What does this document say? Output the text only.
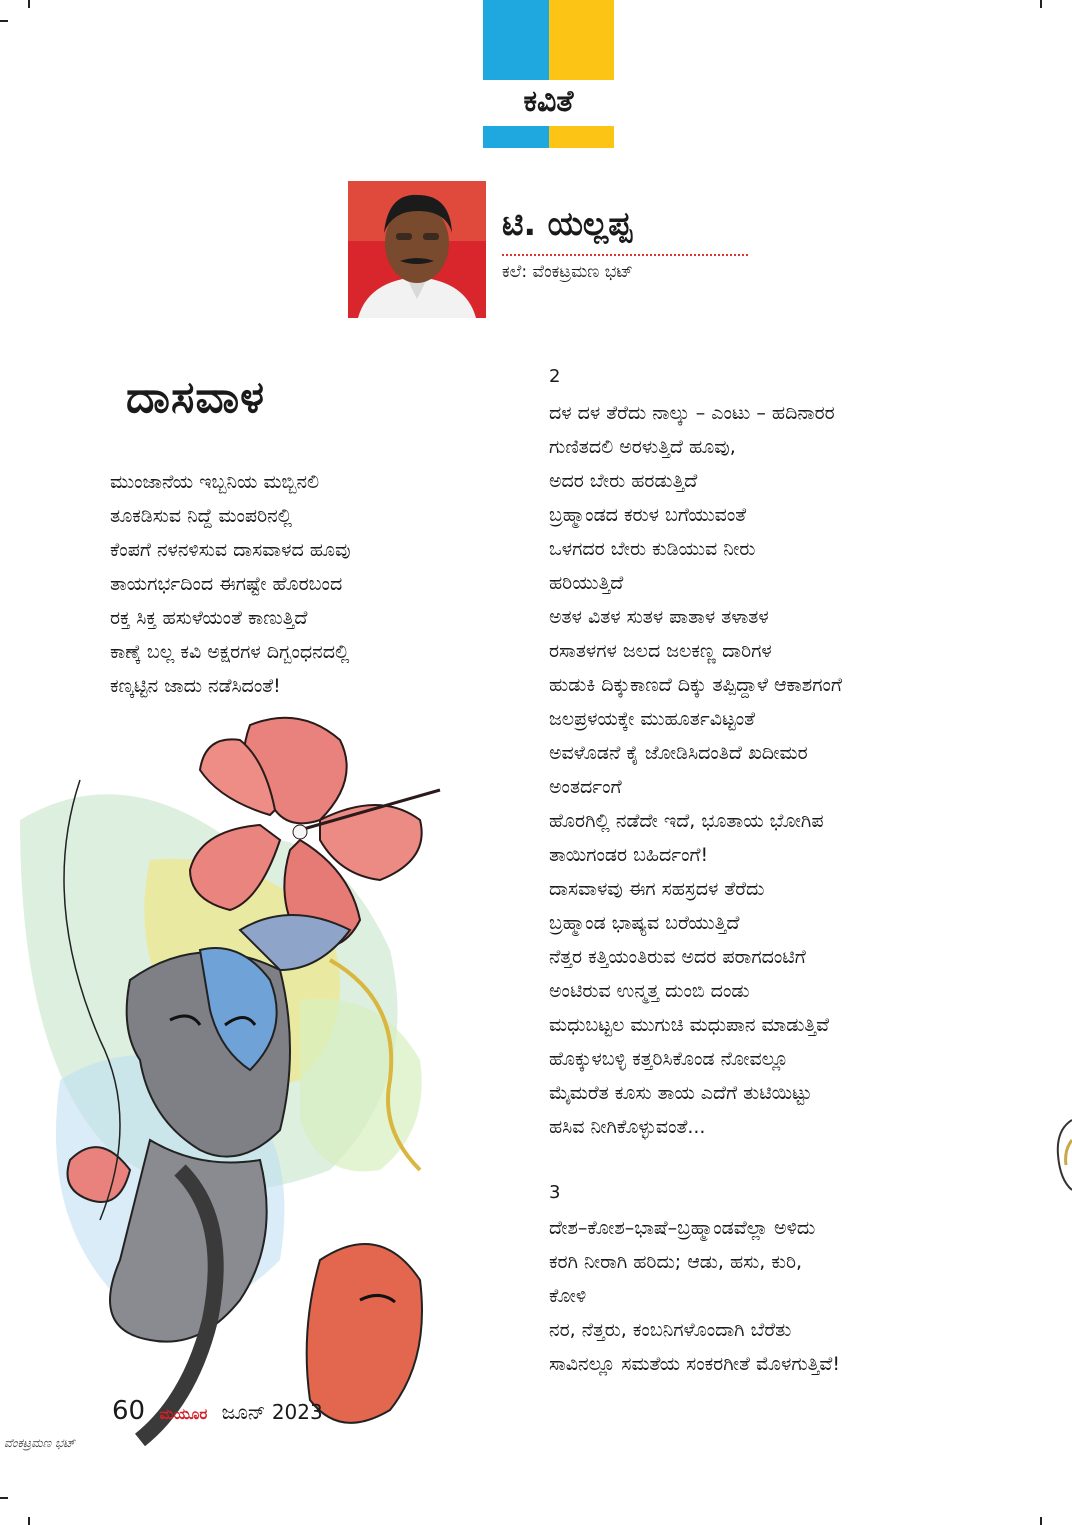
ಕವಿತೆ
ಟಿ. ಯಲ್ಲಪ್ಪ
ಕಲೆ: ವೆಂಕಟ್ರಮಣ ಭಟ್
ದಾಸವಾಳ
ಮುಂಜಾನೆಯ ಇಬ್ಬನಿಯ ಮಬ್ಬಿನಲಿ
ತೂಕಡಿಸುವ ನಿದ್ದೆ ಮಂಪರಿನಲ್ಲಿ
ಕೆಂಪಗೆ ನಳನಳಿಸುವ ದಾಸವಾಳದ ಹೂವು
ತಾಯಗರ್ಭದಿಂದ ಈಗಷ್ಟೇ ಹೊರಬಂದ
ರಕ್ತ ಸಿಕ್ತ ಹಸುಳೆಯಂತೆ ಕಾಣುತ್ತಿದೆ
ಕಾಣ್ಕೆ ಬಲ್ಲ ಕವಿ ಅಕ್ಷರಗಳ ದಿಗ್ಬಂಧನದಲ್ಲಿ
ಕಣ್ಕಟ್ಟಿನ ಜಾದು ನಡೆಸಿದಂತೆ!
2
ದಳ ದಳ ತೆರೆದು ನಾಲ್ಕು – ಎಂಟು – ಹದಿನಾರರ
ಗುಣಿತದಲಿ ಅರಳುತ್ತಿದೆ ಹೂವು,
ಅದರ ಬೇರು ಹರಡುತ್ತಿದೆ
ಬ್ರಹ್ಮಾಂಡದ ಕರುಳ ಬಗೆಯುವಂತೆ
ಒಳಗದರ ಬೇರು ಕುಡಿಯುವ ನೀರು
ಹರಿಯುತ್ತಿದೆ
ಅತಳ ವಿತಳ ಸುತಳ ಪಾತಾಳ ತಳಾತಳ
ರಸಾತಳಗಳ ಜಲದ ಜಲಕಣ್ಣ ದಾರಿಗಳ
ಹುಡುಕಿ ದಿಕ್ಕುಕಾಣದೆ ದಿಕ್ಕು ತಪ್ಪಿದ್ದಾಳೆ ಆಕಾಶಗಂಗೆ
ಜಲಪ್ರಳಯಕ್ಕೇ ಮುಹೂರ್ತವಿಟ್ಟಂತೆ
ಅವಳೊಡನೆ ಕೈ ಜೋಡಿಸಿದಂತಿದೆ ಖದೀಮರ
ಅಂತರ್ದಂಗೆ
ಹೊರಗಿಲ್ಲಿ ನಡೆದೇ ಇದೆ, ಭೂತಾಯ ಭೋಗಿಪ
ತಾಯಿಗಂಡರ ಬಹಿರ್ದಂಗೆ!
ದಾಸವಾಳವು ಈಗ ಸಹಸ್ರದಳ ತೆರೆದು
ಬ್ರಹ್ಮಾಂಡ ಭಾಷ್ಯವ ಬರೆಯುತ್ತಿದೆ
ನೆತ್ತರ ಕತ್ತಿಯಂತಿರುವ ಅದರ ಪರಾಗದಂಟಿಗೆ
ಅಂಟಿರುವ ಉನ್ಮತ್ತ ದುಂಬಿ ದಂಡು
ಮಧುಬಟ್ಟಲ ಮುಗುಚಿ ಮಧುಪಾನ ಮಾಡುತ್ತಿವೆ
ಹೊಕ್ಕುಳಬಳ್ಳಿ ಕತ್ತರಿಸಿಕೊಂಡ ನೋವಲ್ಲೂ
ಮೈಮರೆತ ಕೂಸು ತಾಯ ಎದೆಗೆ ತುಟಿಯಿಟ್ಟು
ಹಸಿವ ನೀಗಿಕೊಳ್ಳುವಂತೆ...
3
ದೇಶ–ಕೋಶ–ಭಾಷೆ–ಬ್ರಹ್ಮಾಂಡವೆಲ್ಲಾ ಅಳಿದು
ಕರಗಿ ನೀರಾಗಿ ಹರಿದು; ಆಡು, ಹಸು, ಕುರಿ,
ಕೋಳಿ
ನರ, ನೆತ್ತರು, ಕಂಬನಿಗಳೊಂದಾಗಿ ಬೆರೆತು
ಸಾವಿನಲ್ಲೂ ಸಮತೆಯ ಸಂಕರಗೀತೆ ಮೊಳಗುತ್ತಿವೆ!
ವೆಂಕಟ್ರಮಣ ಭಟ್
60 ಮಯೂರ ಜೂನ್ 2023
